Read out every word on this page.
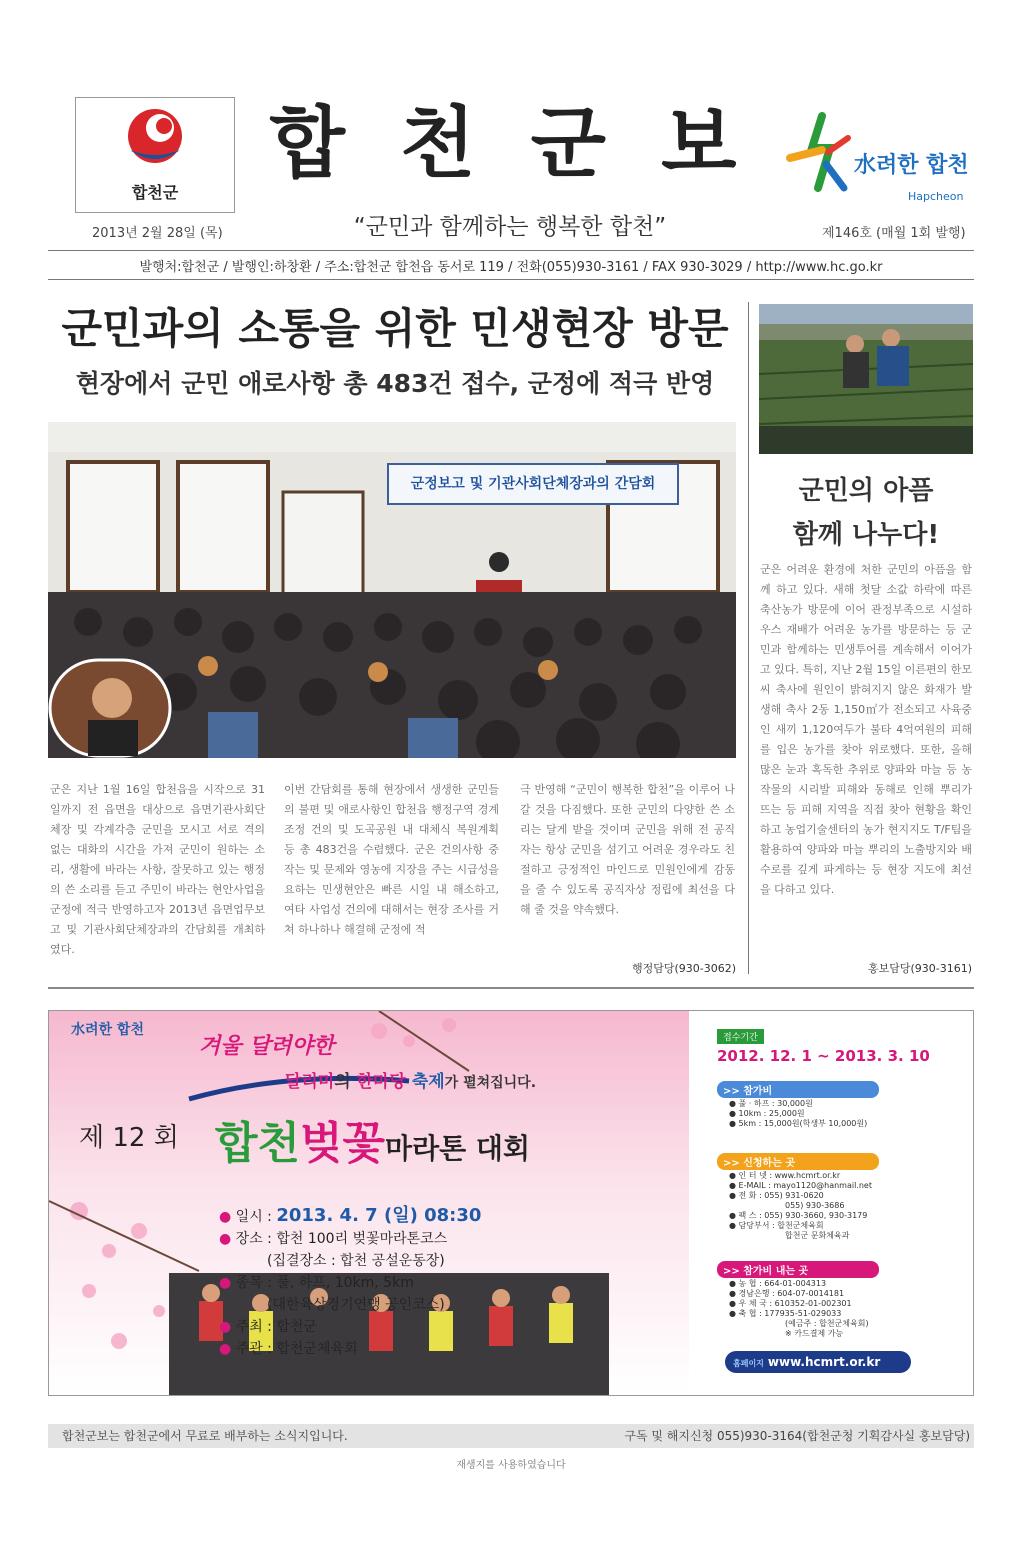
합천군
합 천 군 보
“군민과 함께하는 행복한 합천”
2013년 2월 28일 (목)	제146호 (매월 1회 발행)
水려한 합천
Hapcheon
발행처:합천군 / 발행인:하창환 / 주소:합천군 합천읍 동서로 119 / 전화(055)930-3161 / FAX 930-3029 / http://www.hc.go.kr
군민과의 소통을 위한 민생현장 방문
현장에서 군민 애로사항 총 483건 접수, 군정에 적극 반영
군정보고 및 기관사회단체장과의 간담회
군은 지난 1월 16일 합천읍을 시작으로 31일까지 전 읍면을 대상으로 읍면기관사회단체장 및 각계각층 군민을 모시고 서로 격의 없는 대화의 시간을 가져 군민이 원하는 소리, 생활에 바라는 사항, 잘못하고 있는 행정의 쓴 소리를 듣고 주민이 바라는 현안사업을 군정에 적극 반영하고자 2013년 읍면업무보고 및 기관사회단체장과의 간담회를 개최하였다.
이번 간담회를 통해 현장에서 생생한 군민들의 불편 및 애로사항인 합천읍 행정구역 경계 조정 건의 및 도곡공원 내 대체식 복원계획 등 총 483건을 수렴했다. 군은 건의사항 중 작는 및 문제와 영농에 지장을 주는 시급성을 요하는 민생현안은 빠른 시일 내 해소하고, 여타 사업성 건의에 대해서는 현장 조사를 거쳐 하나하나 해결해 군정에 적
극 반영해 “군민이 행복한 합천”을 이루어 나갈 것을 다짐했다. 또한 군민의 다양한 쓴 소리는 달게 받을 것이며 군민을 위해 전 공직자는 항상 군민을 섬기고 어려운 경우라도 친절하고 긍정적인 마인드로 민원인에게 감동을 줄 수 있도록 공직자상 정립에 최선을 다해 줄 것을 약속했다.
행정담당(930-3062)
군민의 아픔
함께 나누다!
군은 어려운 환경에 처한 군민의 아픔을 함께 하고 있다. 새해 첫달 소값 하락에 따른 축산농가 방문에 이어 관정부족으로 시설하우스 재배가 어려운 농가를 방문하는 등 군민과 함께하는 민생투어를 계속해서 이어가고 있다. 특히, 지난 2월 15일 이른편의 한모씨 축사에 원인이 밝혀지지 않은 화재가 발생해 축사 2동 1,150㎡가 전소되고 사육중인 새끼 1,120여두가 불타 4억여원의 피해를 입은 농가를 찾아 위로했다. 또한, 올해 많은 눈과 혹독한 추위로 양파와 마늘 등 농작물의 시리발 피해와 동해로 인해 뿌리가 뜨는 등 피해 지역을 직접 찾아 현황을 확인하고 농업기술센터의 농가 현지지도 T/F팀을 활용하여 양파와 마늘 뿌리의 노출방지와 배수로를 깊게 파게하는 등 현장 지도에 최선을 다하고 있다.
홍보담당(930-3161)
水려한 합천
겨울 달려야한
달리미의 한마당 축제가 펼쳐집니다.
제 12 회 합천벚꽃마라톤 대회
● 일시 : 2013. 4. 7 (일) 08:30
● 장소 : 합천 100리 벚꽃마라톤코스
(집결장소 : 합천 공설운동장)
● 종목 : 풀, 하프, 10km, 5km
(대한육상경기연맹 공인코스)
● 주최 : 합천군
● 주관 : 합천군체육회
접수기간
2012. 12. 1 ~ 2013. 3. 10
>> 참가비
● 풀 · 하프 : 30,000원
● 10km : 25,000원
● 5km : 15,000원(학생부 10,000원)
>> 신청하는 곳
● 인 터 넷 : www.hcmrt.or.kr
● E-MAIL : mayo1120@hanmail.net
● 전 화 : 055) 931-0620
055) 930-3686
● 팩 스 : 055) 930-3660, 930-3179
● 담당부서 : 합천군체육회
합천군 문화체육과
>> 참가비 내는 곳
● 농 협 : 664-01-004313
● 경남은행 : 604-07-0014181
● 우 체 국 : 610352-01-002301
● 축 협 : 177935-51-029033
(예금주 : 합천군체육회)
※ 카드결제 가능
홈페이지 www.hcmrt.or.kr
합천군보는 합천군에서 무료로 배부하는 소식지입니다.	구독 및 해지신청 055)930-3164(합천군청 기획감사실 홍보담당)
재생지를 사용하였습니다
